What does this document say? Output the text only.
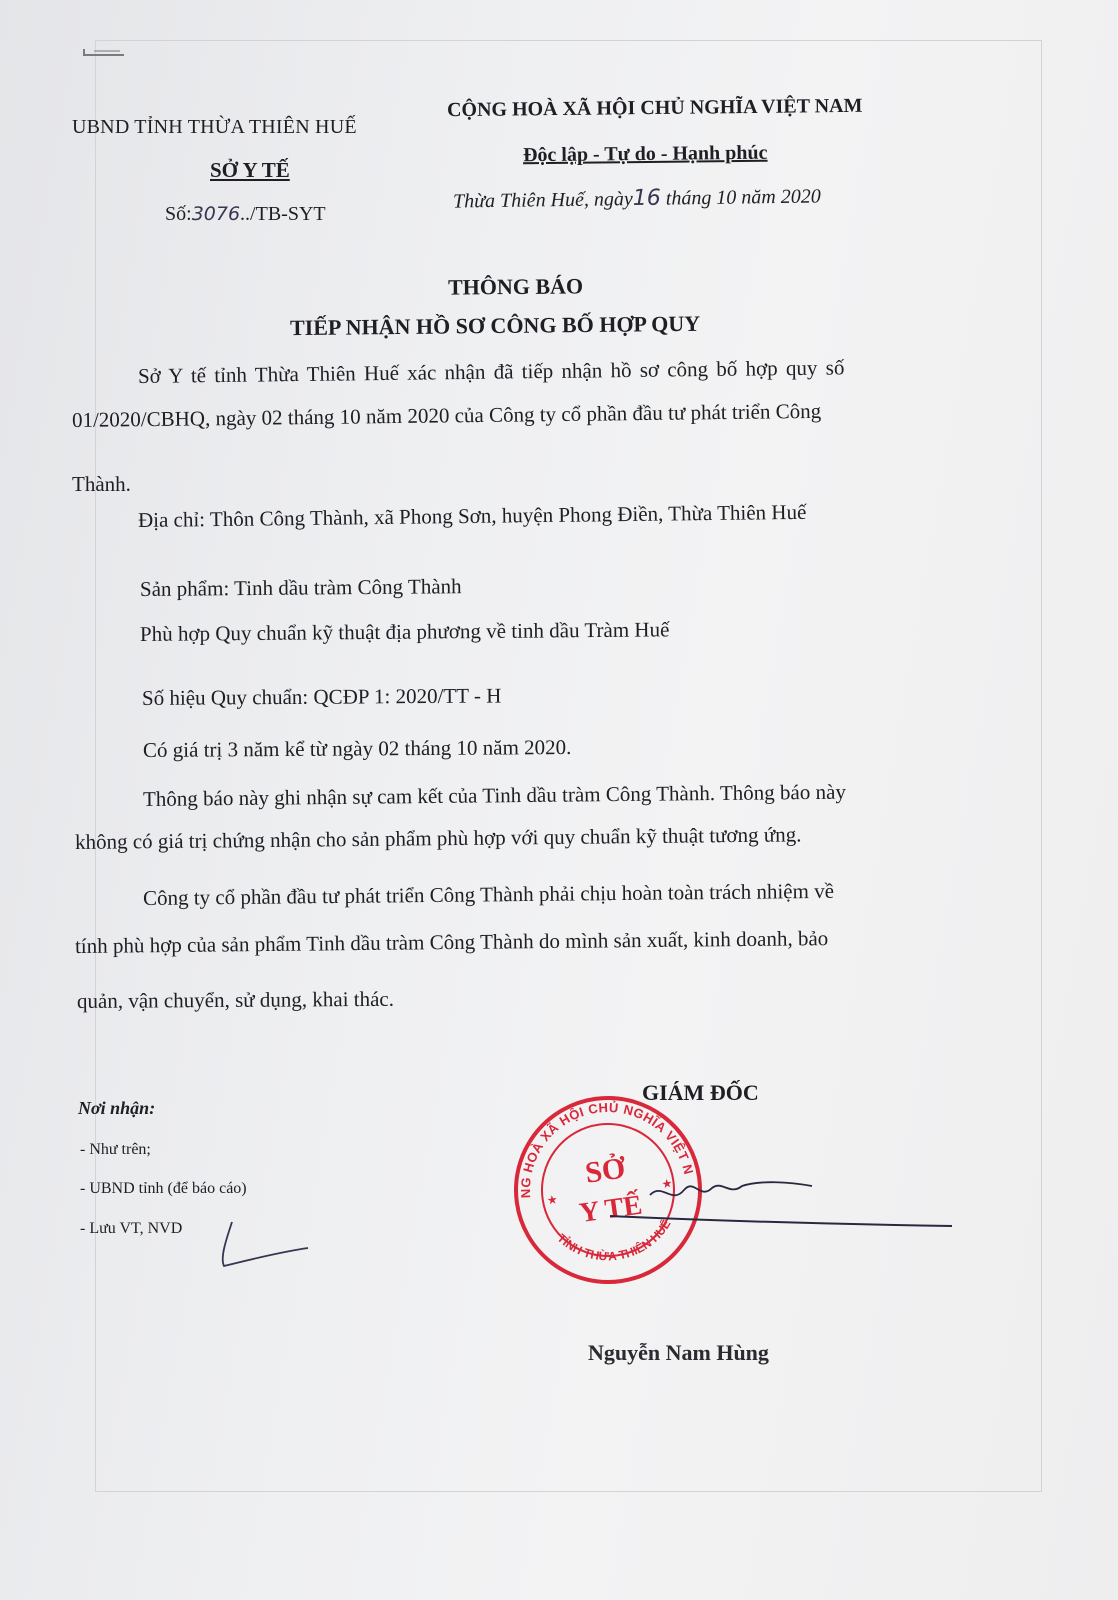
UBND TỈNH THỪA THIÊN HUẾ
SỞ Y TẾ
Số:3076../TB-SYT
CỘNG HOÀ XÃ HỘI CHỦ NGHĨA VIỆT NAM
Độc lập - Tự do - Hạnh phúc
Thừa Thiên Huế, ngày16 tháng 10 năm 2020
THÔNG BÁO
TIẾP NHẬN HỒ SƠ CÔNG BỐ HỢP QUY
Sở Y tế tỉnh Thừa Thiên Huế xác nhận đã tiếp nhận hồ sơ công bố hợp quy số
01/2020/CBHQ, ngày 02 tháng 10 năm 2020 của Công ty cổ phần đầu tư phát triển Công
Thành.
Địa chỉ: Thôn Công Thành, xã Phong Sơn, huyện Phong Điền, Thừa Thiên Huế
Sản phẩm: Tinh dầu tràm Công Thành
Phù hợp Quy chuẩn kỹ thuật địa phương về tinh dầu Tràm Huế
Số hiệu Quy chuẩn: QCĐP 1: 2020/TT - H
Có giá trị 3 năm kể từ ngày 02 tháng 10 năm 2020.
Thông báo này ghi nhận sự cam kết của Tinh dầu tràm Công Thành. Thông báo này
không có giá trị chứng nhận cho sản phẩm phù hợp với quy chuẩn kỹ thuật tương ứng.
Công ty cổ phần đầu tư phát triển Công Thành phải chịu hoàn toàn trách nhiệm về
tính phù hợp của sản phẩm Tinh dầu tràm Công Thành do mình sản xuất, kinh doanh, bảo
quản, vận chuyển, sử dụng, khai thác.
Nơi nhận:
- Như trên;
- UBND tỉnh (để báo cáo)
- Lưu VT, NVD
GIÁM ĐỐC
Nguyễn Nam Hùng
CỘNG HOÀ XÃ HỘI CHỦ NGHĨA VIỆT NAM
TỈNH THỪA THIÊN HUẾ
SỞ
Y TẾ
★
★
